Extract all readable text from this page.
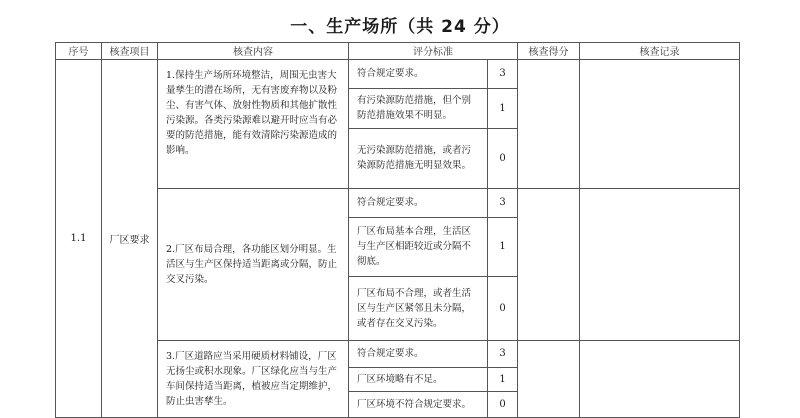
一、生产场所（共 24 分）
序号	核查项目	核查内容	评分标准		核查得分	核查记录
1.1	厂区要求	1.保持生产场所环境整洁，周围无虫害大量孳生的潜在场所，无有害废弃物以及粉尘、有害气体、放射性物质和其他扩散性污染源。各类污染源难以避开时应当有必要的防范措施，能有效清除污染源造成的影响。	符合规定要求。	3		
			有污染源防范措施，但个别防范措施效果不明显。	1		
			无污染源防范措施，或者污染源防范措施无明显效果。	0		
		2.厂区布局合理，各功能区划分明显。生活区与生产区保持适当距离或分隔，防止交叉污染。	符合规定要求。	3		
			厂区布局基本合理，生活区与生产区相距较近或分隔不彻底。	1		
			厂区布局不合理，或者生活区与生产区紧邻且未分隔，或者存在交叉污染。	0		
		3.厂区道路应当采用硬质材料铺设，厂区无扬尘或积水现象。厂区绿化应当与生产车间保持适当距离，植被应当定期维护，防止虫害孳生。	符合规定要求。	3		
			厂区环境略有不足。	1		
			厂区环境不符合规定要求。	0		
